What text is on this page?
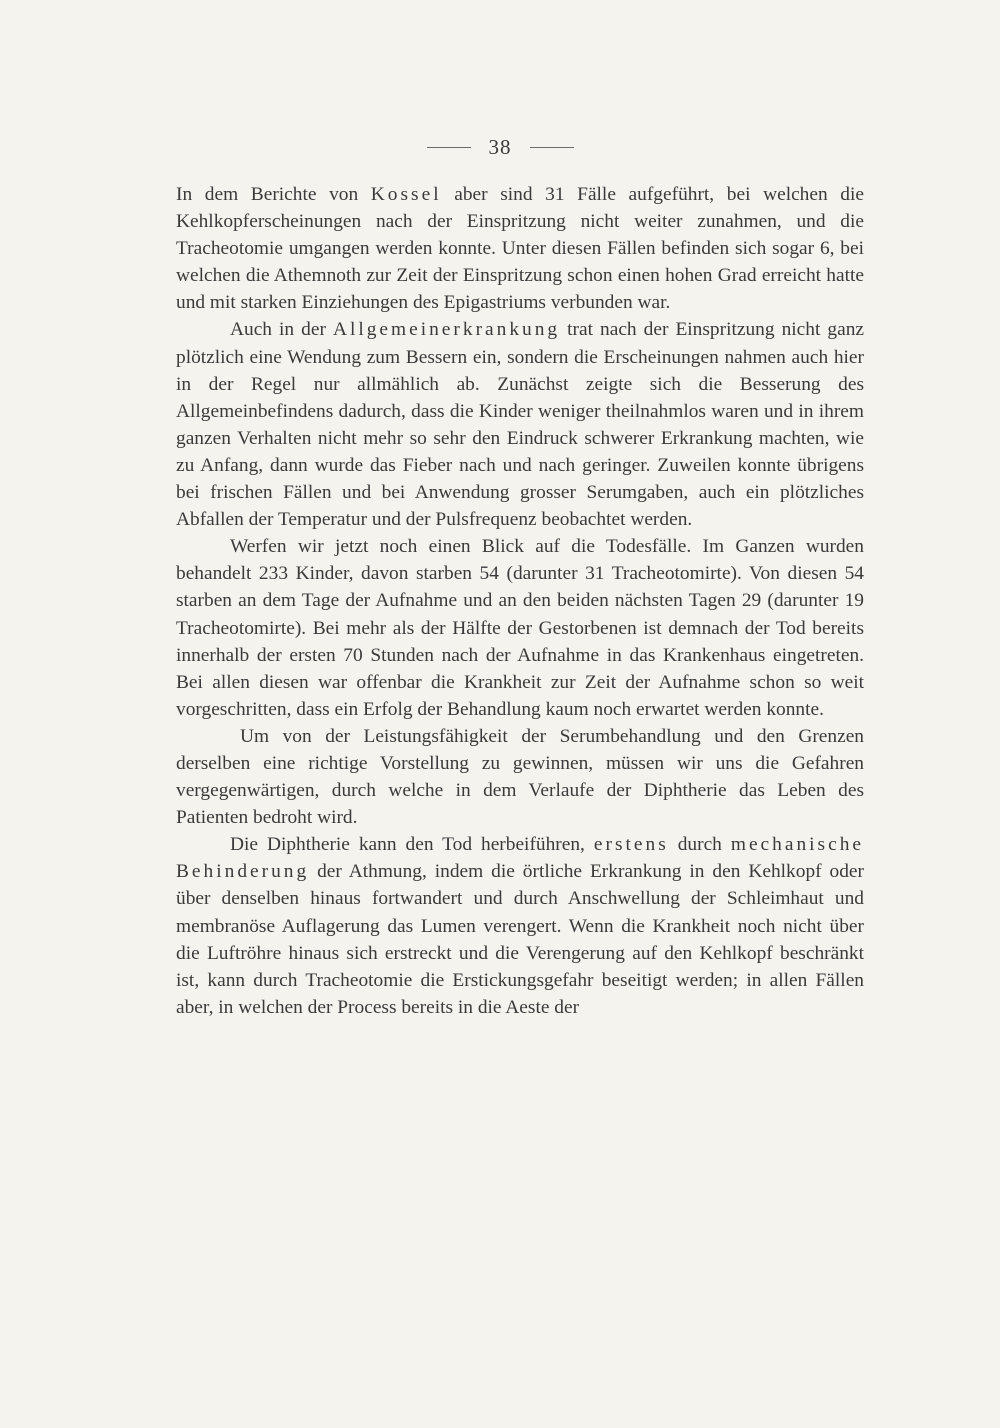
38

In dem Berichte von Kossel aber sind 31 Fälle aufgeführt, bei welchen die Kehlkopferscheinungen nach der Einspritzung nicht weiter zunahmen, und die Tracheotomie umgangen werden konnte. Unter diesen Fällen befinden sich sogar 6, bei welchen die Athemnoth zur Zeit der Einspritzung schon einen hohen Grad erreicht hatte und mit starken Einziehungen des Epigastriums verbunden war.

Auch in der Allgemeinerkrankung trat nach der Einspritzung nicht ganz plötzlich eine Wendung zum Bessern ein, sondern die Erscheinungen nahmen auch hier in der Regel nur allmählich ab. Zunächst zeigte sich die Besserung des Allgemeinbefindens dadurch, dass die Kinder weniger theilnahmlos waren und in ihrem ganzen Verhalten nicht mehr so sehr den Eindruck schwerer Erkrankung machten, wie zu Anfang, dann wurde das Fieber nach und nach geringer. Zuweilen konnte übrigens bei frischen Fällen und bei Anwendung grosser Serumgaben, auch ein plötzliches Abfallen der Temperatur und der Pulsfrequenz beobachtet werden.

Werfen wir jetzt noch einen Blick auf die Todesfälle. Im Ganzen wurden behandelt 233 Kinder, davon starben 54 (darunter 31 Tracheotomirte). Von diesen 54 starben an dem Tage der Aufnahme und an den beiden nächsten Tagen 29 (darunter 19 Tracheotomirte). Bei mehr als der Hälfte der Gestorbenen ist demnach der Tod bereits innerhalb der ersten 70 Stunden nach der Aufnahme in das Krankenhaus eingetreten. Bei allen diesen war offenbar die Krankheit zur Zeit der Aufnahme schon so weit vorgeschritten, dass ein Erfolg der Behandlung kaum noch erwartet werden konnte.

Um von der Leistungsfähigkeit der Serumbehandlung und den Grenzen derselben eine richtige Vorstellung zu gewinnen, müssen wir uns die Gefahren vergegenwärtigen, durch welche in dem Verlaufe der Diphtherie das Leben des Patienten bedroht wird.

Die Diphtherie kann den Tod herbeiführen, erstens durch mechanische Behinderung der Athmung, indem die örtliche Erkrankung in den Kehlkopf oder über denselben hinaus fortwandert und durch Anschwellung der Schleimhaut und membranöse Auflagerung das Lumen verengert. Wenn die Krankheit noch nicht über die Luftröhre hinaus sich erstreckt und die Verengerung auf den Kehlkopf beschränkt ist, kann durch Tracheotomie die Erstickungsgefahr beseitigt werden; in allen Fällen aber, in welchen der Process bereits in die Aeste der
